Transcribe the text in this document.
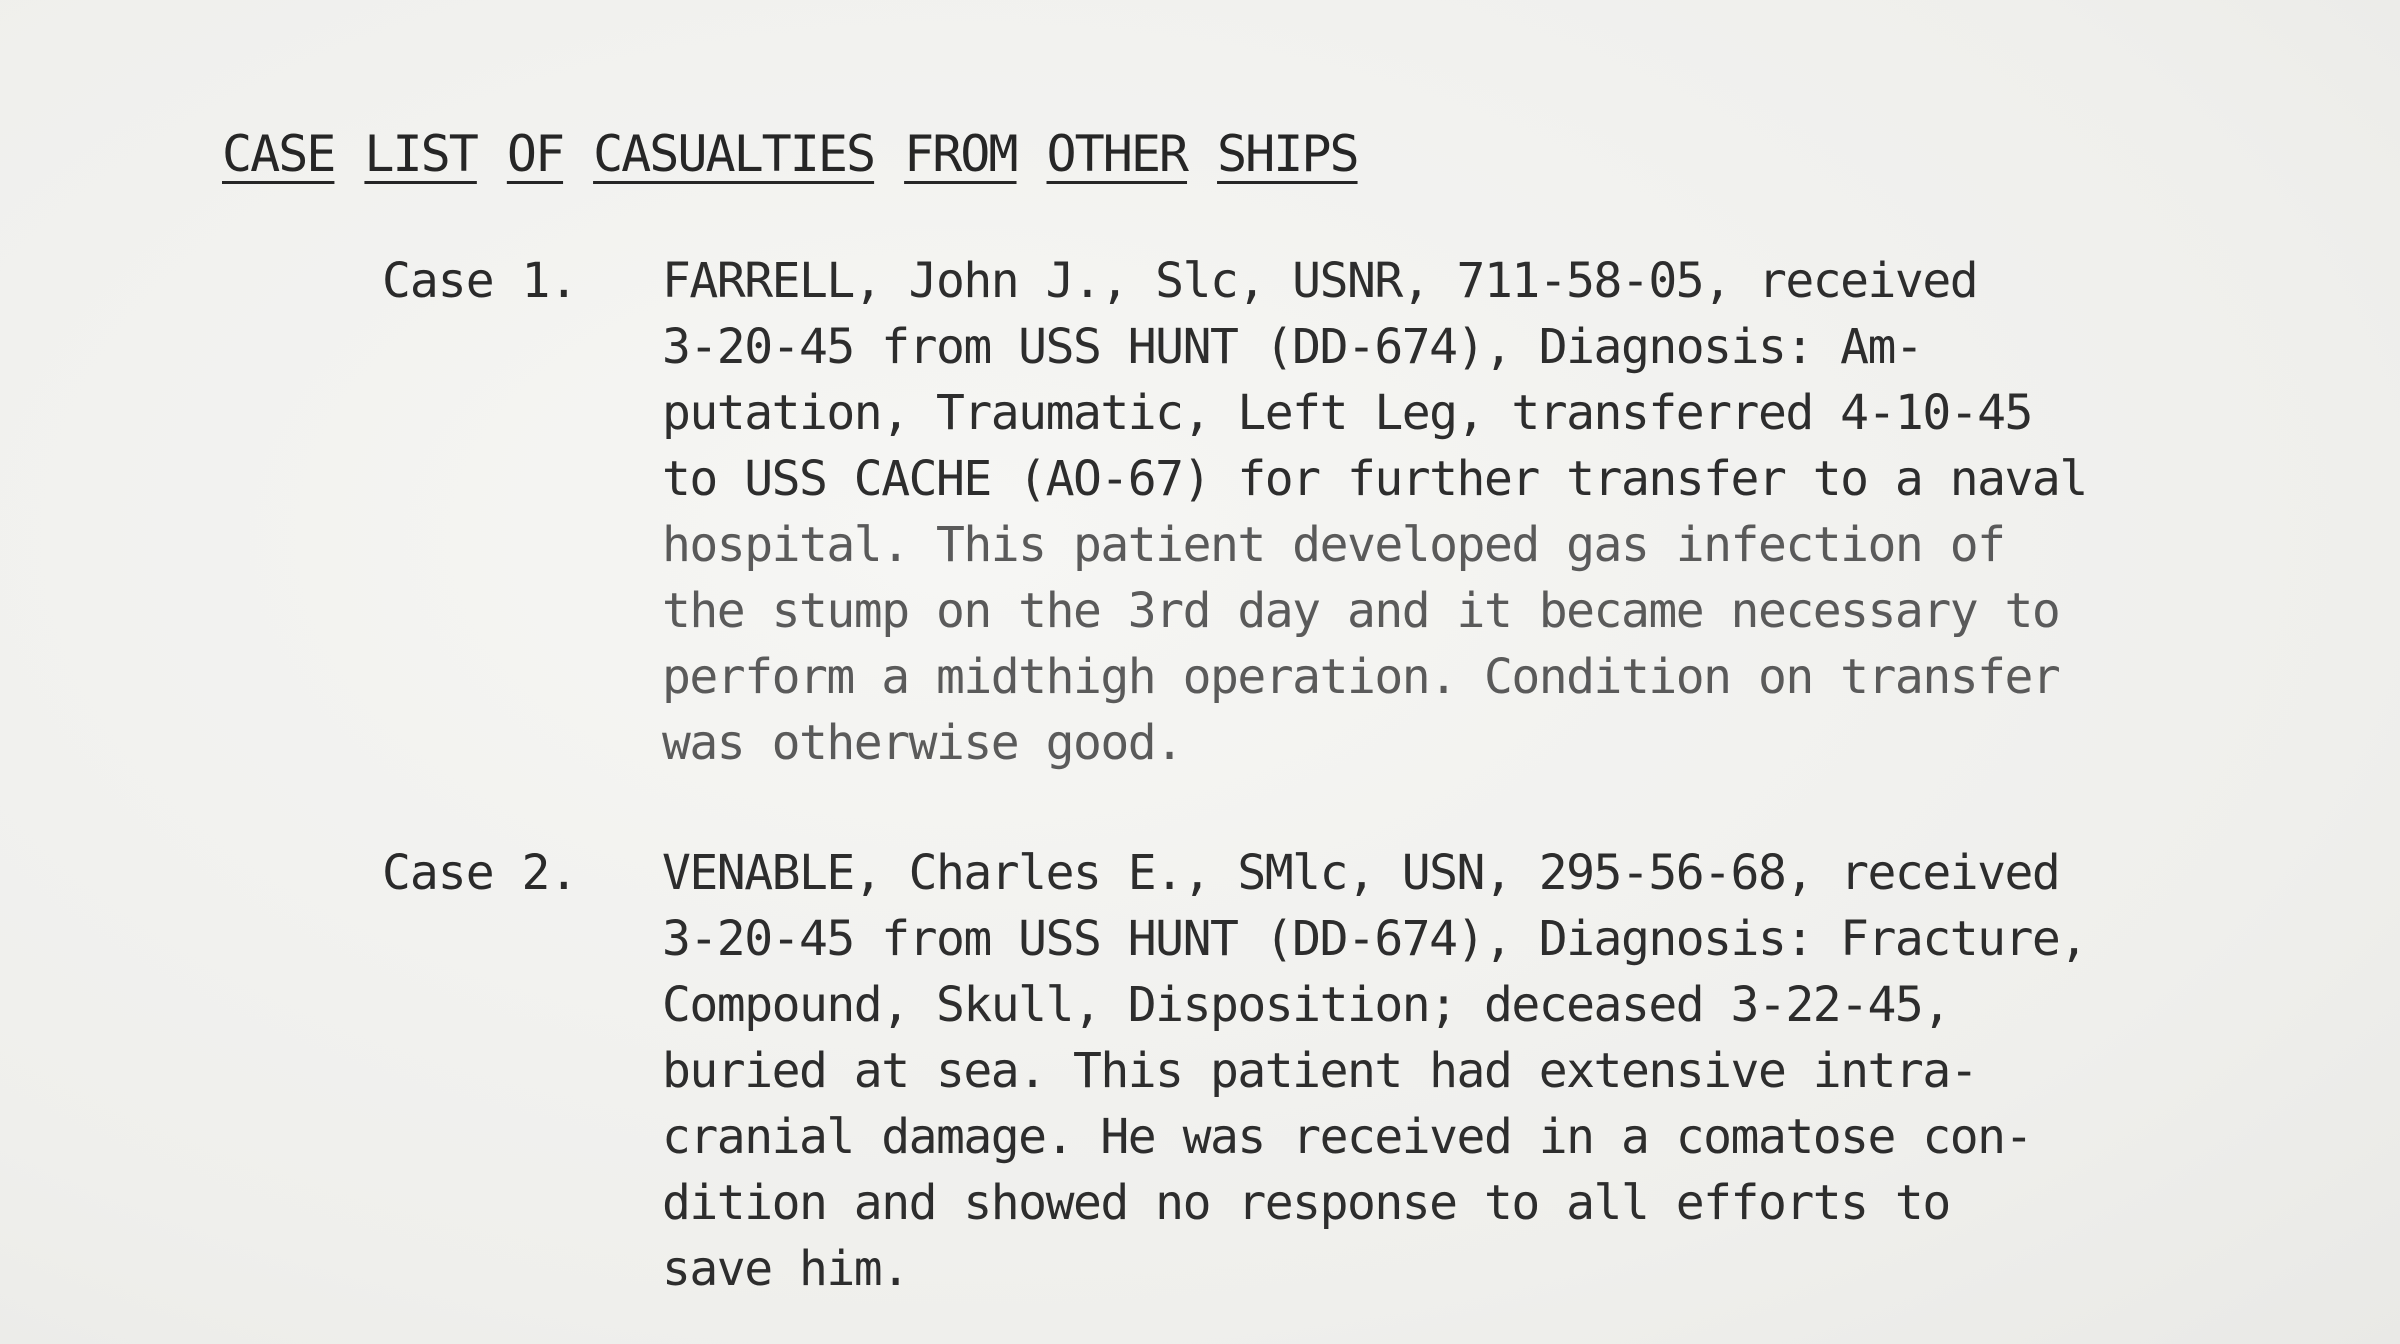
CASE LIST OF CASUALTIES FROM OTHER SHIPS
Case 1. FARRELL, John J., Slc, USNR, 711-58-05, received
3-20-45 from USS HUNT (DD-674), Diagnosis: Am-
putation, Traumatic, Left Leg, transferred 4-10-45
to USS CACHE (AO-67) for further transfer to a naval
hospital. This patient developed gas infection of
the stump on the 3rd day and it became necessary to
perform a midthigh operation. Condition on transfer
was otherwise good.
Case 2. VENABLE, Charles E., SMlc, USN, 295-56-68, received
3-20-45 from USS HUNT (DD-674), Diagnosis: Fracture,
Compound, Skull, Disposition; deceased 3-22-45,
buried at sea. This patient had extensive intra-
cranial damage. He was received in a comatose con-
dition and showed no response to all efforts to
save him.
